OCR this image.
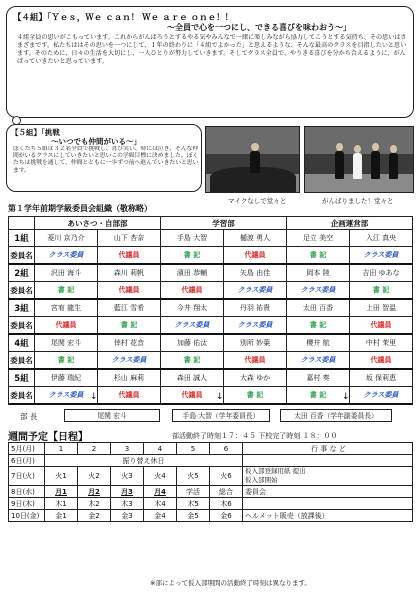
【４組】「Ｙｅｓ，Ｗｅ ｃａｎ！ Ｗｅ ａｒｅ ｏｎｅ！！
～全員で心を一つにし、できる喜びを味わおう～」
４組全員の思いがこもっています。これからがんばろうとするやる気やみんなで一緒に楽しみながら協力してこうとする気持ち、その思いはさまざまです。私たちははその思いを一つにして、１年の終わりに「４組でよかった」と思えるような、そんな最高のクラスを目指したいと思います。そのために、日々の生活を大切にし、一人ひとりが努力していきます。そしてクラス全員で、やりきる喜びを分かち合えるように、がんばっていきたいと思っています。
【５組】「挑戦
～いつでも仲間がいる～」
ぼくたち５組は３２名全員で挑戦し、喜び笑い、時には泣き、そんな仲間がいるクラスにしていきたいと思いこの学級目標に決めました。ぼくたちは挑戦を通して、仲間とともに一歩ずつ前へ進んでいきたいと思います。
マイクなしで堂々と	がんばりました！堂々と
第１学年前期学級委員会組織（敬称略）
	あいさつ・自部部		学習部		企画運営部	
1組	菱川 京乃介	山下 杏奈	手島 大智	樋渡 勇人	足立 美空	入江 真央
委員名	クラス委員	代議員	書 記	代議員	書 記	クラス委員
2組	沢田 海斗	森川 莉帆	濱田 恭輔	矢島 由佳	岡本 陸	吉田 ゆあな
委員名	書 記	代議員	代議員	クラス委員	クラス委員	書 記
3組	宮宥 龍生	藍江 雪希	今井 翔太	丹羽 祐貴	太田 百香	上田 智温
委員名	代議員	書 記	クラス委員	クラス委員	書 記	代議員
4組	尾関 宏斗	倖村 花音	加藤 佑汰	別所 妙葉	櫻井 航	中村 茉里
委員名	書 記	クラス委員	書 記	代議員	クラス委員	代議員
5組	伊藤 瑞紀	杉山 麻莉	森田 誠人	大森 ゆか	嘉村 奏	坂 保莉恵
委員名	クラス委員	代議員	代議員	書 記	書 記	クラス委員
↓	↓	↓
部 長	尾関 宏斗	手島 大智（学年委員長）	太田 百香（学年副委員長）
週間予定【日程】	部活動終了時刻１７：４５ 下校完了時刻 １８：００
5月(月)	1	2	3	4	5	6	行 事 な ど
6日(月)	振り替え休日						
7日(火)	火1	火2	火3	火4	火5	火6	仮入部登録用紙 提出
仮入部開始
8日(水)	月1	月2	月3	月4	学活	総合	委員会
9日(木)	木1	木2	木3	木4	木5	木6	
10日(金)	金1	金2	金3	金4	金5	金6	ヘルメット販売（放課後）
※部によって仮入部期間の活動終了時刻は異なります。
